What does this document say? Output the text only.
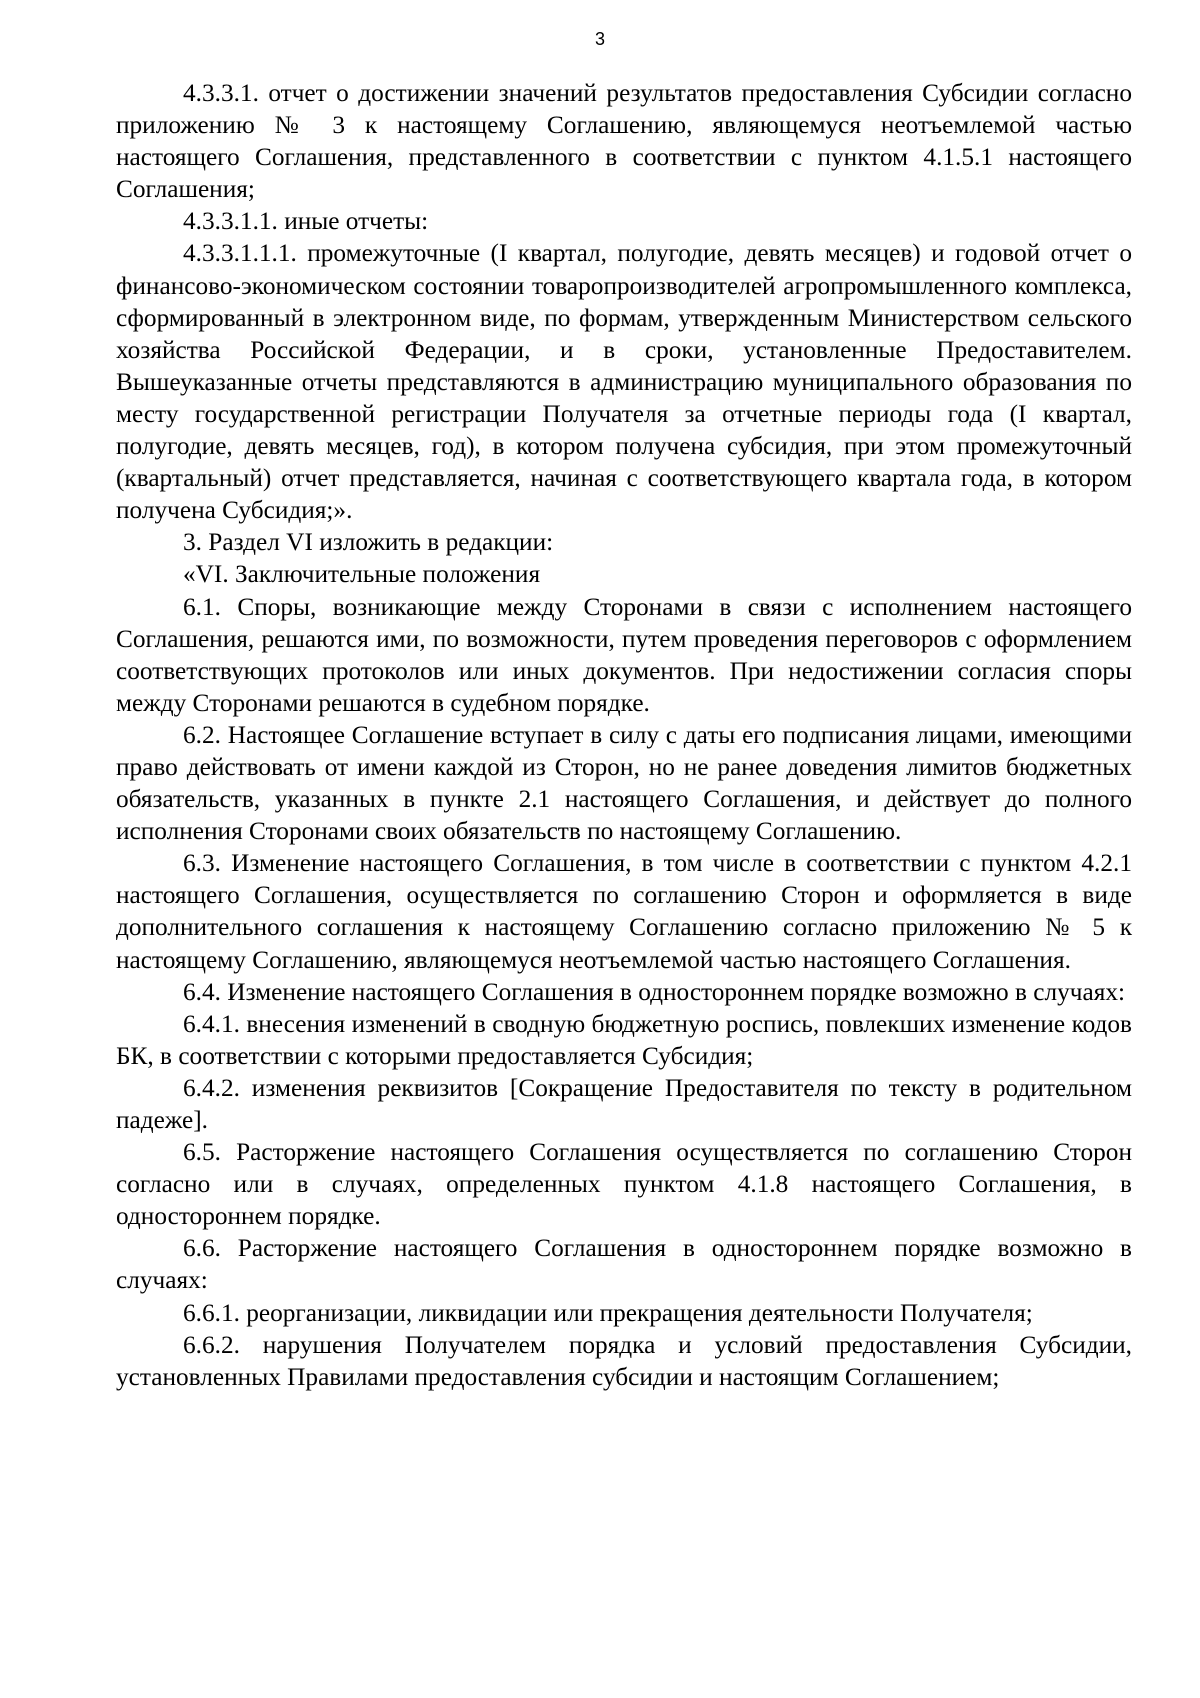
3

4.3.3.1. отчет о достижении значений результатов предоставления Субсидии согласно приложению № 3 к настоящему Соглашению, являющемуся неотъемлемой частью настоящего Соглашения, представленного в соответствии с пунктом 4.1.5.1 настоящего Соглашения;

4.3.3.1.1. иные отчеты:

4.3.3.1.1.1. промежуточные (I квартал, полугодие, девять месяцев) и годовой отчет о финансово-экономическом состоянии товаропроизводителей агропромышленного комплекса, сформированный в электронном виде, по формам, утвержденным Министерством сельского хозяйства Российской Федерации, и в сроки, установленные Предоставителем. Вышеуказанные отчеты представляются в администрацию муниципального образования по месту государственной регистрации Получателя за отчетные периоды года (I квартал, полугодие, девять месяцев, год), в котором получена субсидия, при этом промежуточный (квартальный) отчет представляется, начиная с соответствующего квартала года, в котором получена Субсидия;».

3. Раздел VI изложить в редакции:

«VI. Заключительные положения

6.1. Споры, возникающие между Сторонами в связи с исполнением настоящего Соглашения, решаются ими, по возможности, путем проведения переговоров с оформлением соответствующих протоколов или иных документов. При недостижении согласия споры между Сторонами решаются в судебном порядке.

6.2. Настоящее Соглашение вступает в силу с даты его подписания лицами, имеющими право действовать от имени каждой из Сторон, но не ранее доведения лимитов бюджетных обязательств, указанных в пункте 2.1 настоящего Соглашения, и действует до полного исполнения Сторонами своих обязательств по настоящему Соглашению.

6.3. Изменение настоящего Соглашения, в том числе в соответствии с пунктом 4.2.1 настоящего Соглашения, осуществляется по соглашению Сторон и оформляется в виде дополнительного соглашения к настоящему Соглашению согласно приложению № 5 к настоящему Соглашению, являющемуся неотъемлемой частью настоящего Соглашения.

6.4. Изменение настоящего Соглашения в одностороннем порядке возможно в случаях:

6.4.1. внесения изменений в сводную бюджетную роспись, повлекших изменение кодов БК, в соответствии с которыми предоставляется Субсидия;

6.4.2. изменения реквизитов [Сокращение Предоставителя по тексту в родительном падеже].

6.5. Расторжение настоящего Соглашения осуществляется по соглашению Сторон согласно или в случаях, определенных пунктом 4.1.8 настоящего Соглашения, в одностороннем порядке.

6.6. Расторжение настоящего Соглашения в одностороннем порядке возможно в случаях:

6.6.1. реорганизации, ликвидации или прекращения деятельности Получателя;

6.6.2. нарушения Получателем порядка и условий предоставления Субсидии, установленных Правилами предоставления субсидии и настоящим Соглашением;
